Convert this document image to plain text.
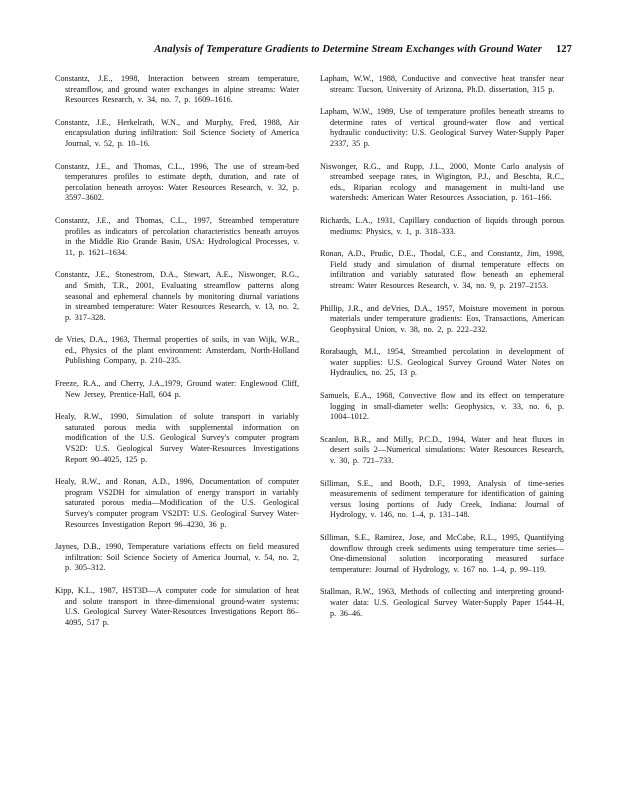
Analysis of Temperature Gradients to Determine Stream Exchanges with Ground Water 127

Constantz, J.E., 1998, Interaction between stream temperature, streamflow, and ground water exchanges in alpine streams: Water Resources Research, v. 34, no. 7, p. 1609–1616.

Constantz, J.E., Herkelrath, W.N., and Murphy, Fred, 1988, Air encapsulation during infiltration: Soil Science Society of America Journal, v. 52, p. 10–16.

Constantz, J.E., and Thomas, C.L., 1996, The use of stream-bed temperatures profiles to estimate depth, duration, and rate of percolation beneath arroyos: Water Resources Research, v. 32, p. 3597–3602.

Constantz, J.E., and Thomas, C.L., 1997, Streambed temperature profiles as indicators of percolation characteristics beneath arroyos in the Middle Rio Grande Basin, USA: Hydrological Processes, v. 11, p. 1621–1634.

Constantz, J.E., Stonestrom, D.A., Stewart, A.E., Niswonger, R.G., and Smith, T.R., 2001, Evaluating streamflow patterns along seasonal and ephemeral channels by monitoring diurnal variations in streambed temperature: Water Resources Research, v. 13, no. 2, p. 317–328.

de Vries, D.A., 1963, Thermal properties of soils, in van Wijk, W.R., ed., Physics of the plant environment: Amsterdam, North-Holland Publishing Company, p. 210–235.

Freeze, R.A., and Cherry, J.A.,1979, Ground water: Englewood Cliff, New Jersey, Prentice-Hall, 604 p.

Healy, R.W., 1990, Simulation of solute transport in variably saturated porous media with supplemental information on modification of the U.S. Geological Survey's computer program VS2D: U.S. Geological Survey Water-Resources Investigations Report 90–4025, 125 p.

Healy, R.W., and Ronan, A.D., 1996, Documentation of computer program VS2DH for simulation of energy transport in variably saturated porous media—Modification of the U.S. Geological Survey's computer program VS2DT: U.S. Geological Survey Water-Resources Investigation Report 96–4230, 36 p.

Jaynes, D.B., 1990, Temperature variations effects on field measured infiltration: Soil Science Society of America Journal, v. 54, no. 2, p. 305–312.

Kipp, K.L., 1987, HST3D—A computer code for simulation of heat and solute transport in three-dimensional ground-water systems: U.S. Geological Survey Water-Resources Investigations Report 86–4095, 517 p.

Lapham, W.W., 1988, Conductive and convective heat transfer near stream: Tucson, University of Arizona, Ph.D. dissertation, 315 p.

Lapham, W.W., 1989, Use of temperature profiles beneath streams to determine rates of vertical ground-water flow and vertical hydraulic conductivity: U.S. Geological Survey Water-Supply Paper 2337, 35 p.

Niswonger, R.G., and Rupp, J.L., 2000, Monte Carlo analysis of streambed seepage rates, in Wigington, P.J., and Beschta, R.C., eds., Riparian ecology and management in multi-land use watersheds: American Water Resources Association, p. 161–166.

Richards, L.A., 1931, Capillary conduction of liquids through porous mediums: Physics, v. 1, p. 318–333.

Ronan, A.D., Prudic, D.E., Thodal, C.E., and Constantz, Jim, 1998, Field study and simulation of diurnal temperature effects on infiltration and variably saturated flow beneath an ephemeral stream: Water Resources Research, v. 34, no. 9, p. 2197–2153.

Phillip, J.R., and deVries, D.A., 1957, Moisture movement in porous materials under temperature gradients: Eos, Transactions, American Geophysical Union, v. 38, no. 2, p. 222–232.

Rorabaugh, M.I., 1954, Streambed percolation in development of water supplies: U.S. Geological Survey Ground Water Notes on Hydraulics, no. 25, 13 p.

Samuels, E.A., 1968, Convective flow and its effect on temperature logging in small-diameter wells: Geophysics, v. 33, no. 6, p. 1004–1012.

Scanlon, B.R., and Milly, P.C.D., 1994, Water and heat fluxes in desert soils 2—Numerical simulations: Water Resources Research, v. 30, p. 721–733.

Silliman, S.E., and Booth, D.F., 1993, Analysis of time-series measurements of sediment temperature for identification of gaining versus losing portions of Judy Creek, Indiana: Journal of Hydrology, v. 146, no. 1–4, p. 131–148.

Silliman, S.E., Ramirez, Jose, and McCabe, R.L., 1995, Quantifying downflow through creek sediments using temperature time series—One-dimensional solution incorporating measured surface temperature: Journal of Hydrology, v. 167 no. 1–4, p. 99–119.

Stallman, R.W., 1963, Methods of collecting and interpreting ground-water data: U.S. Geological Survey Water-Supply Paper 1544–H, p. 36–46.
